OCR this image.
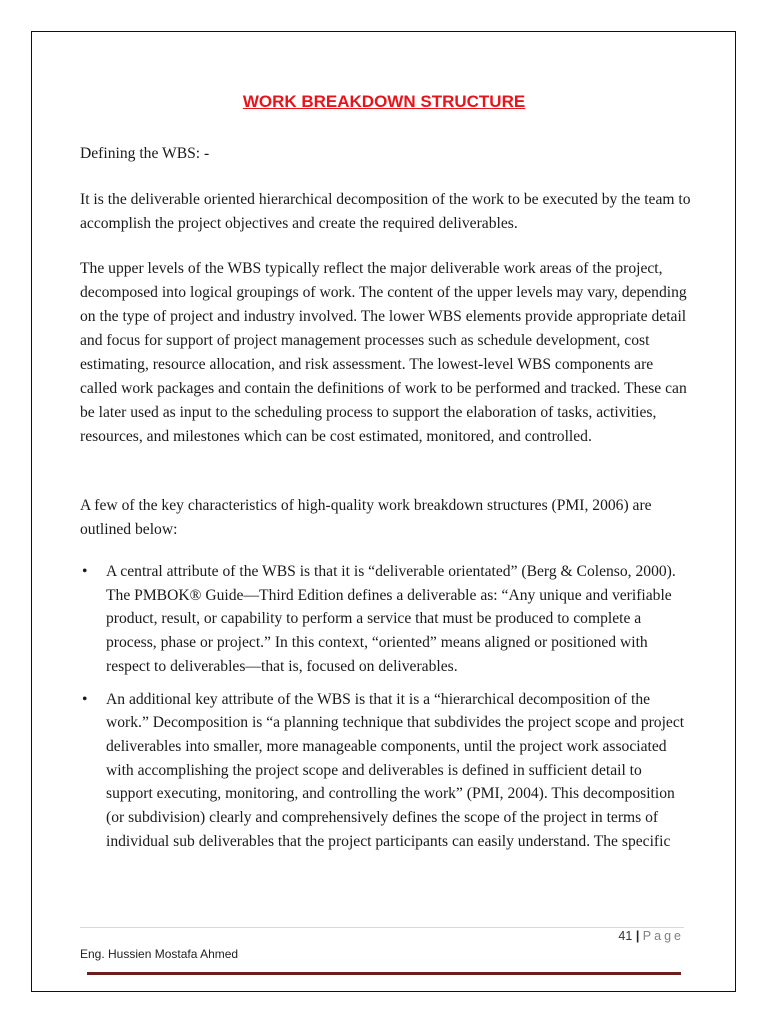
WORK BREAKDOWN STRUCTURE

Defining the WBS: -

It is the deliverable oriented hierarchical decomposition of the work to be executed by the team to accomplish the project objectives and create the required deliverables.

The upper levels of the WBS typically reflect the major deliverable work areas of the project, decomposed into logical groupings of work. The content of the upper levels may vary, depending on the type of project and industry involved. The lower WBS elements provide appropriate detail and focus for support of project management processes such as schedule development, cost estimating, resource allocation, and risk assessment. The lowest-level WBS components are called work packages and contain the definitions of work to be performed and tracked. These can be later used as input to the scheduling process to support the elaboration of tasks, activities, resources, and milestones which can be cost estimated, monitored, and controlled.

A few of the key characteristics of high-quality work breakdown structures (PMI, 2006) are outlined below:

• A central attribute of the WBS is that it is “deliverable orientated” (Berg & Colenso, 2000). The PMBOK® Guide—Third Edition defines a deliverable as: “Any unique and verifiable product, result, or capability to perform a service that must be produced to complete a process, phase or project.” In this context, “oriented” means aligned or positioned with respect to deliverables—that is, focused on deliverables.
• An additional key attribute of the WBS is that it is a “hierarchical decomposition of the work.” Decomposition is “a planning technique that subdivides the project scope and project deliverables into smaller, more manageable components, until the project work associated with accomplishing the project scope and deliverables is defined in sufficient detail to support executing, monitoring, and controlling the work” (PMI, 2004). This decomposition (or subdivision) clearly and comprehensively defines the scope of the project in terms of individual sub deliverables that the project participants can easily understand. The specific
41 | Page
Eng. Hussien Mostafa Ahmed
